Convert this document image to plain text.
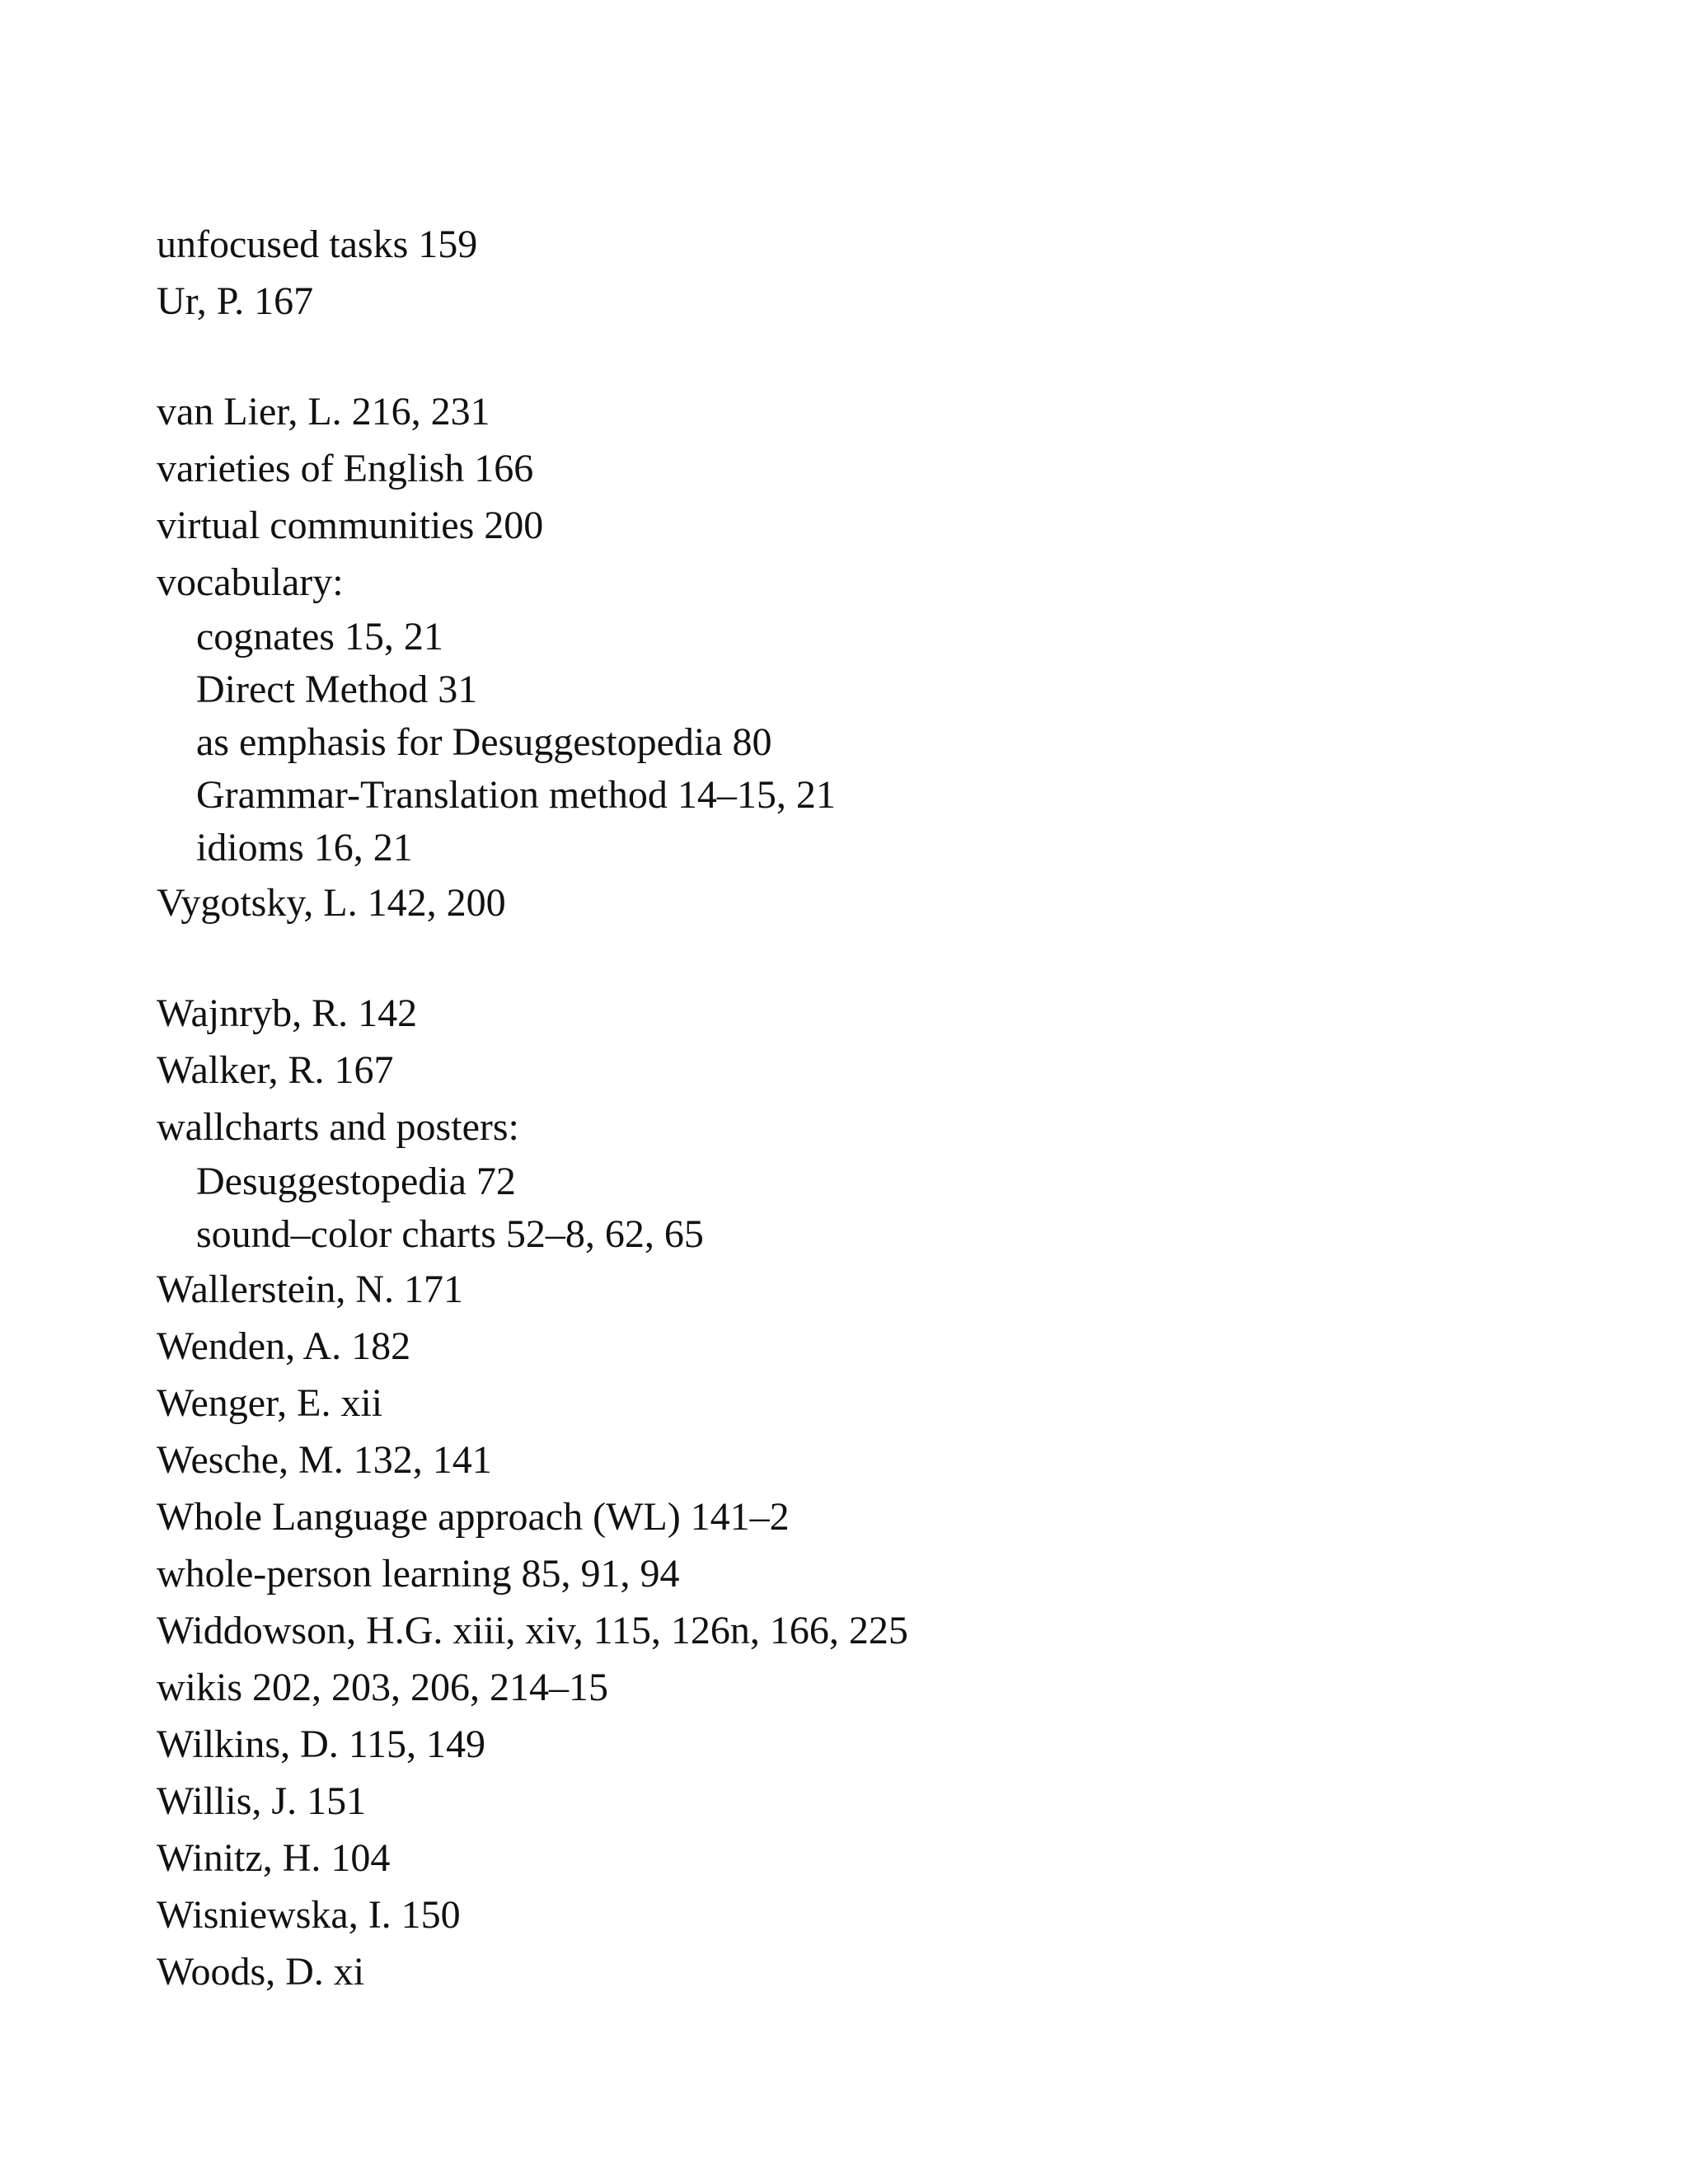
unfocused tasks 159
Ur, P. 167
van Lier, L. 216, 231
varieties of English 166
virtual communities 200
vocabulary:
cognates 15, 21
Direct Method 31
as emphasis for Desuggestopedia 80
Grammar-Translation method 14–15, 21
idioms 16, 21
Vygotsky, L. 142, 200
Wajnryb, R. 142
Walker, R. 167
wallcharts and posters:
Desuggestopedia 72
sound–color charts 52–8, 62, 65
Wallerstein, N. 171
Wenden, A. 182
Wenger, E. xii
Wesche, M. 132, 141
Whole Language approach (WL) 141–2
whole-person learning 85, 91, 94
Widdowson, H.G. xiii, xiv, 115, 126n, 166, 225
wikis 202, 203, 206, 214–15
Wilkins, D. 115, 149
Willis, J. 151
Winitz, H. 104
Wisniewska, I. 150
Woods, D. xi
